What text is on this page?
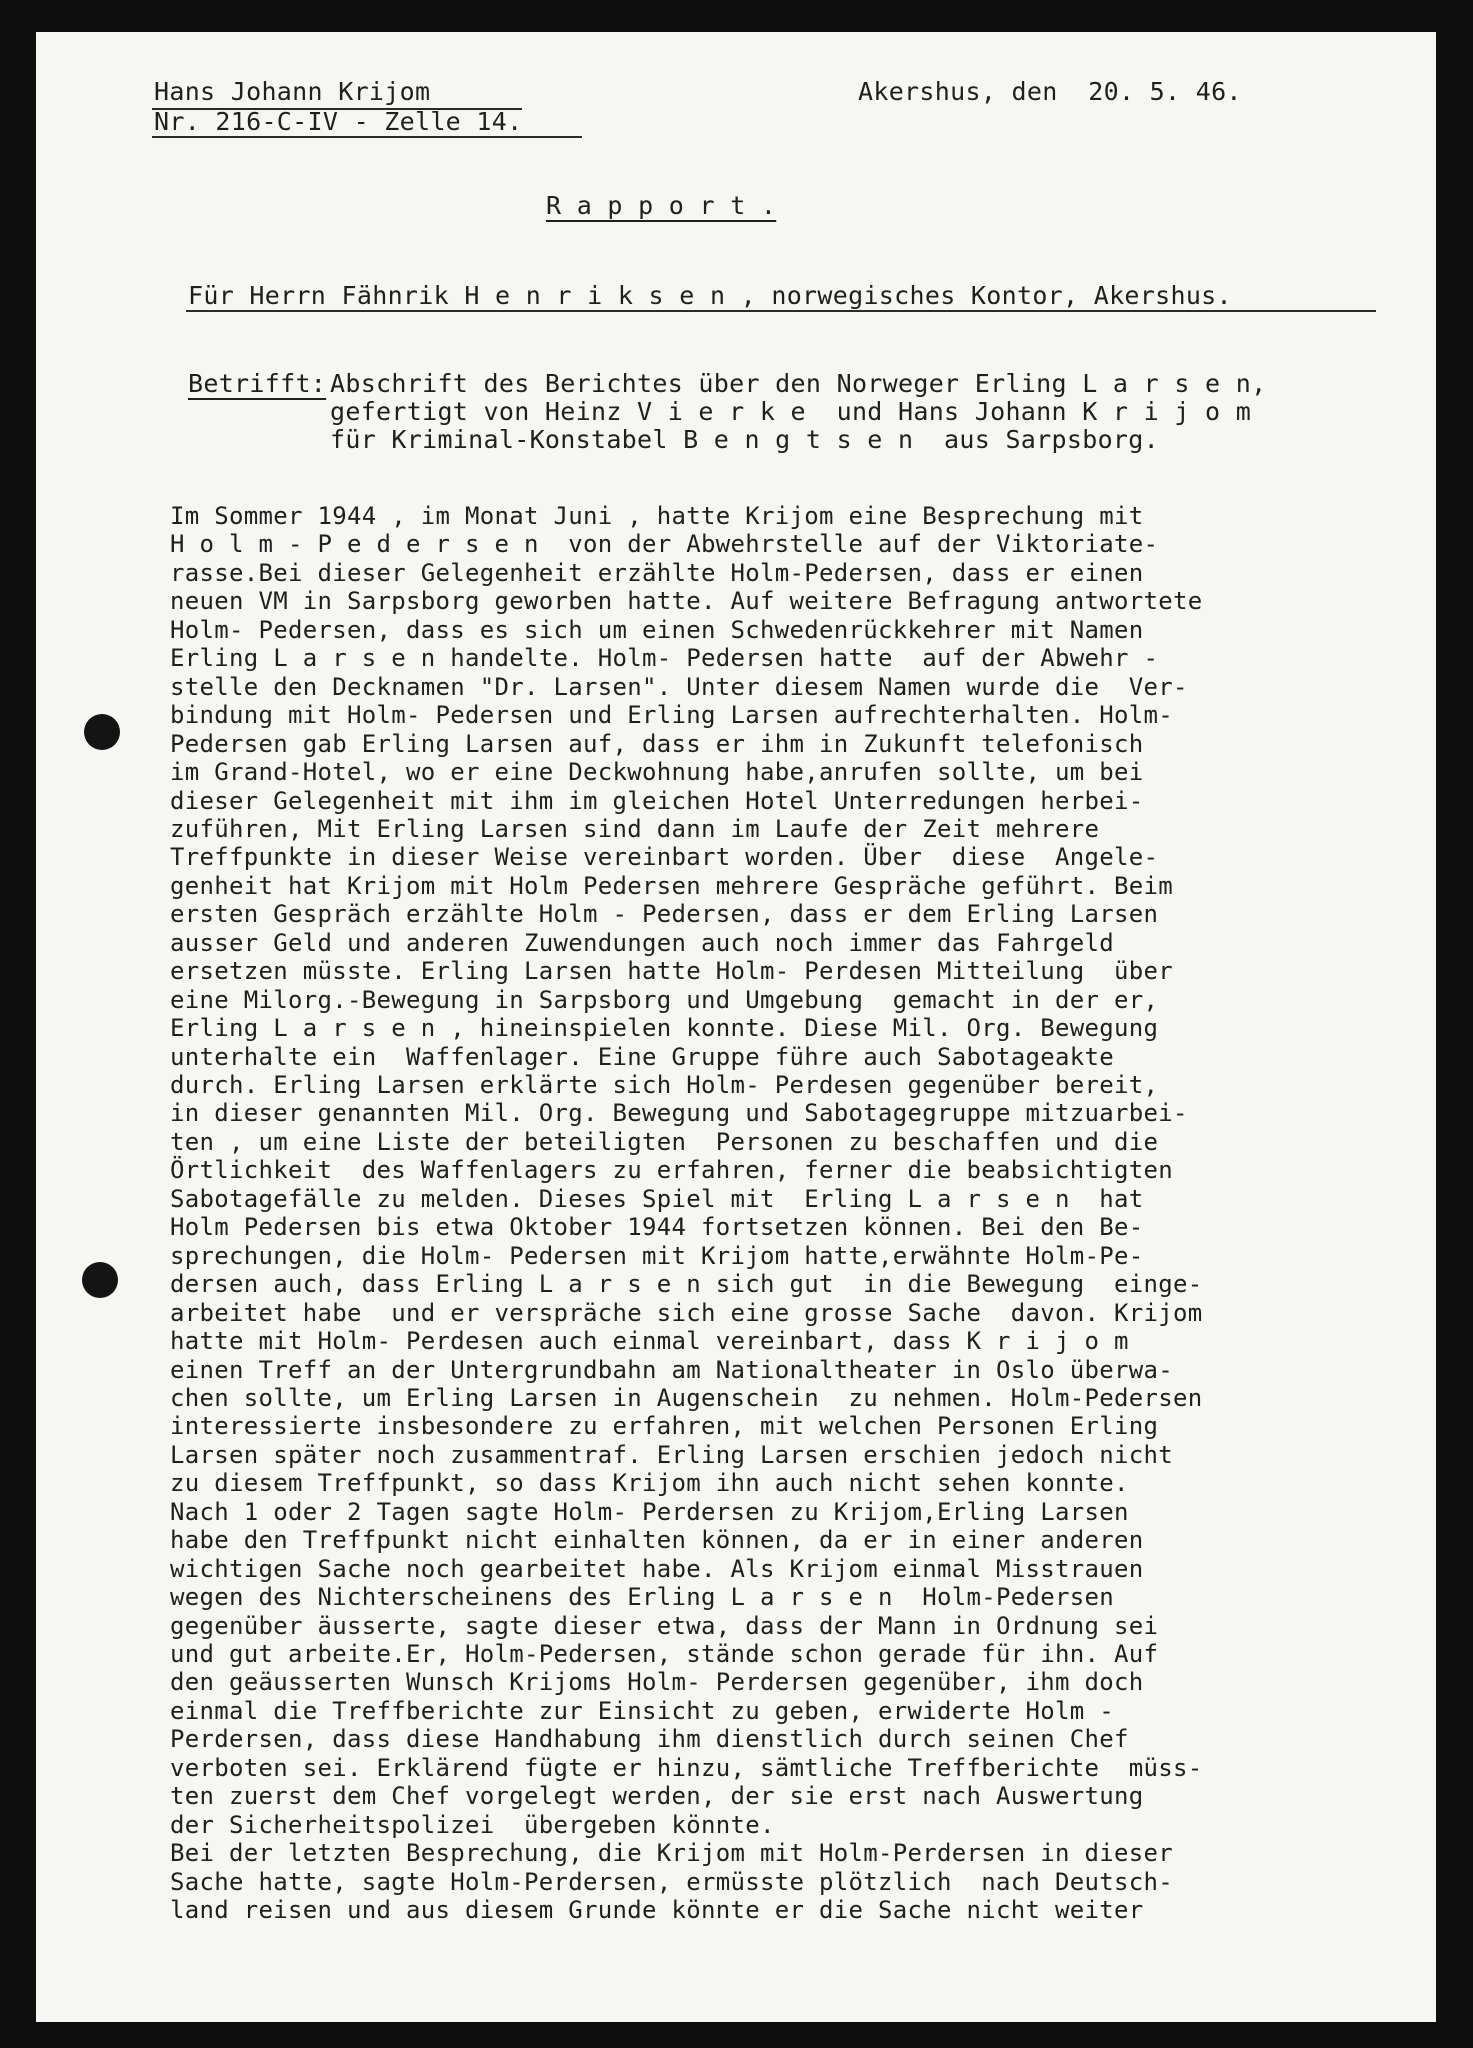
Hans Johann Krijom
Nr. 216-C-IV - Zelle 14.
Akershus, den  20. 5. 46.
R a p p o r t .
Für Herrn Fähnrik H e n r i k s e n , norwegisches Kontor, Akershus.
Betrifft: Abschrift des Berichtes über den Norweger Erling L a r s e n,
gefertigt von Heinz V i e r k e  und Hans Johann K r i j o m
für Kriminal-Konstabel B e n g t s e n  aus Sarpsborg.
Im Sommer 1944 , im Monat Juni , hatte Krijom eine Besprechung mit
H o l m - P e d e r s e n  von der Abwehrstelle auf der Viktoriate-
rasse.Bei dieser Gelegenheit erzählte Holm-Pedersen, dass er einen
neuen VM in Sarpsborg geworben hatte. Auf weitere Befragung antwortete
Holm- Pedersen, dass es sich um einen Schwedenrückkehrer mit Namen
Erling L a r s e n handelte. Holm- Pedersen hatte  auf der Abwehr -
stelle den Decknamen "Dr. Larsen". Unter diesem Namen wurde die  Ver-
bindung mit Holm- Pedersen und Erling Larsen aufrechterhalten. Holm-
Pedersen gab Erling Larsen auf, dass er ihm in Zukunft telefonisch
im Grand-Hotel, wo er eine Deckwohnung habe,anrufen sollte, um bei
dieser Gelegenheit mit ihm im gleichen Hotel Unterredungen herbei-
zuführen, Mit Erling Larsen sind dann im Laufe der Zeit mehrere
Treffpunkte in dieser Weise vereinbart worden. Über  diese  Angele-
genheit hat Krijom mit Holm Pedersen mehrere Gespräche geführt. Beim
ersten Gespräch erzählte Holm - Pedersen, dass er dem Erling Larsen
ausser Geld und anderen Zuwendungen auch noch immer das Fahrgeld
ersetzen müsste. Erling Larsen hatte Holm- Perdesen Mitteilung  über
eine Milorg.-Bewegung in Sarpsborg und Umgebung  gemacht in der er,
Erling L a r s e n , hineinspielen konnte. Diese Mil. Org. Bewegung
unterhalte ein  Waffenlager. Eine Gruppe führe auch Sabotageakte
durch. Erling Larsen erklärte sich Holm- Perdesen gegenüber bereit,
in dieser genannten Mil. Org. Bewegung und Sabotagegruppe mitzuarbei-
ten , um eine Liste der beteiligten  Personen zu beschaffen und die
Örtlichkeit  des Waffenlagers zu erfahren, ferner die beabsichtigten
Sabotagefälle zu melden. Dieses Spiel mit  Erling L a r s e n  hat
Holm Pedersen bis etwa Oktober 1944 fortsetzen können. Bei den Be-
sprechungen, die Holm- Pedersen mit Krijom hatte,erwähnte Holm-Pe-
dersen auch, dass Erling L a r s e n sich gut  in die Bewegung  einge-
arbeitet habe  und er verspräche sich eine grosse Sache  davon. Krijom
hatte mit Holm- Perdesen auch einmal vereinbart, dass K r i j o m
einen Treff an der Untergrundbahn am Nationaltheater in Oslo überwa-
chen sollte, um Erling Larsen in Augenschein  zu nehmen. Holm-Pedersen
interessierte insbesondere zu erfahren, mit welchen Personen Erling
Larsen später noch zusammentraf. Erling Larsen erschien jedoch nicht
zu diesem Treffpunkt, so dass Krijom ihn auch nicht sehen konnte.
Nach 1 oder 2 Tagen sagte Holm- Perdersen zu Krijom,Erling Larsen
habe den Treffpunkt nicht einhalten können, da er in einer anderen
wichtigen Sache noch gearbeitet habe. Als Krijom einmal Misstrauen
wegen des Nichterscheinens des Erling L a r s e n  Holm-Pedersen
gegenüber äusserte, sagte dieser etwa, dass der Mann in Ordnung sei
und gut arbeite.Er, Holm-Pedersen, stände schon gerade für ihn. Auf
den geäusserten Wunsch Krijoms Holm- Perdersen gegenüber, ihm doch
einmal die Treffberichte zur Einsicht zu geben, erwiderte Holm -
Perdersen, dass diese Handhabung ihm dienstlich durch seinen Chef
verboten sei. Erklärend fügte er hinzu, sämtliche Treffberichte  müss-
ten zuerst dem Chef vorgelegt werden, der sie erst nach Auswertung
der Sicherheitspolizei  übergeben könnte.
Bei der letzten Besprechung, die Krijom mit Holm-Perdersen in dieser
Sache hatte, sagte Holm-Perdersen, ermüsste plötzlich  nach Deutsch-
land reisen und aus diesem Grunde könnte er die Sache nicht weiter
